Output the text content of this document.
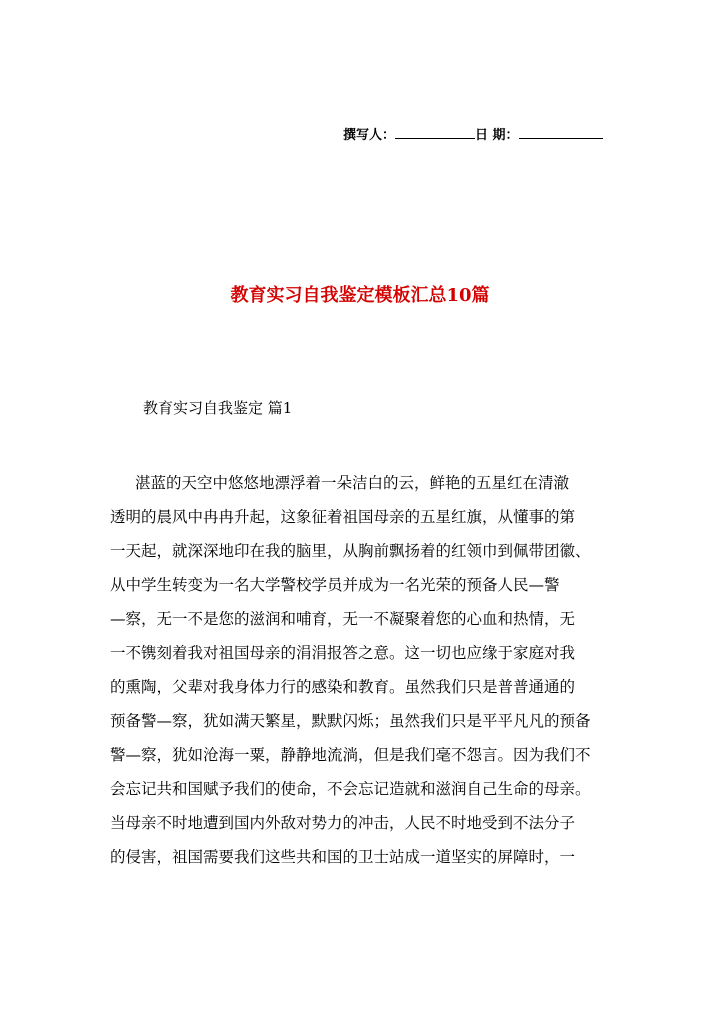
撰写人：	日 期：
教育实习自我鉴定模板汇总10篇
教育实习自我鉴定 篇1
湛蓝的天空中悠悠地漂浮着一朵洁白的云，鲜艳的五星红在清澈
透明的晨风中冉冉升起，这象征着祖国母亲的五星红旗，从懂事的第
一天起，就深深地印在我的脑里，从胸前飘扬着的红领巾到佩带团徽、
从中学生转变为一名大学警校学员并成为一名光荣的预备人民—警
—察，无一不是您的滋润和哺育，无一不凝聚着您的心血和热情，无
一不镌刻着我对祖国母亲的涓涓报答之意。这一切也应缘于家庭对我
的熏陶，父辈对我身体力行的感染和教育。虽然我们只是普普通通的
预备警—察，犹如满天繁星，默默闪烁；虽然我们只是平平凡凡的预备
警—察，犹如沧海一粟，静静地流淌，但是我们毫不怨言。因为我们不
会忘记共和国赋予我们的使命，不会忘记造就和滋润自己生命的母亲。
当母亲不时地遭到国内外敌对势力的冲击，人民不时地受到不法分子
的侵害，祖国需要我们这些共和国的卫士站成一道坚实的屏障时，一
